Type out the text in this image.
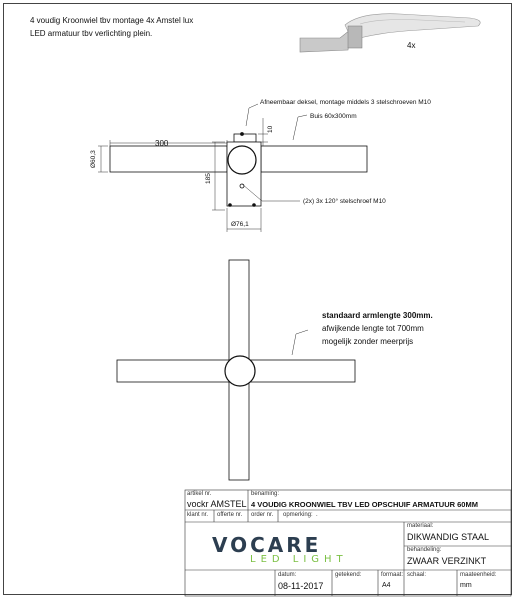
4 voudig Kroonwiel tbv montage 4x Amstel lux
LED armatuur tbv verlichting plein.
4x
300
Ø60,3
185
10
Ø76,1
Afneembaar deksel, montage middels 3 stelschroeven M10
Buis 60x300mm
(2x) 3x 120° stelschroef M10
standaard armlengte 300mm.
afwijkende lengte tot 700mm
mogelijk zonder meerprijs
artikel nr.
vockr AMSTEL
benaming:
4 VOUDIG KROONWIEL TBV LED OPSCHUIF ARMATUUR 60MM
klant nr. offerte nr. order nr. opmerking: .
VOCARE
LED LIGHT
materiaal:
DIKWANDIG STAAL
behandeling:
ZWAAR VERZINKT
datum:
08-11-2017
getekend:	formaat:
A4
schaal:	maateenheid:
mm
